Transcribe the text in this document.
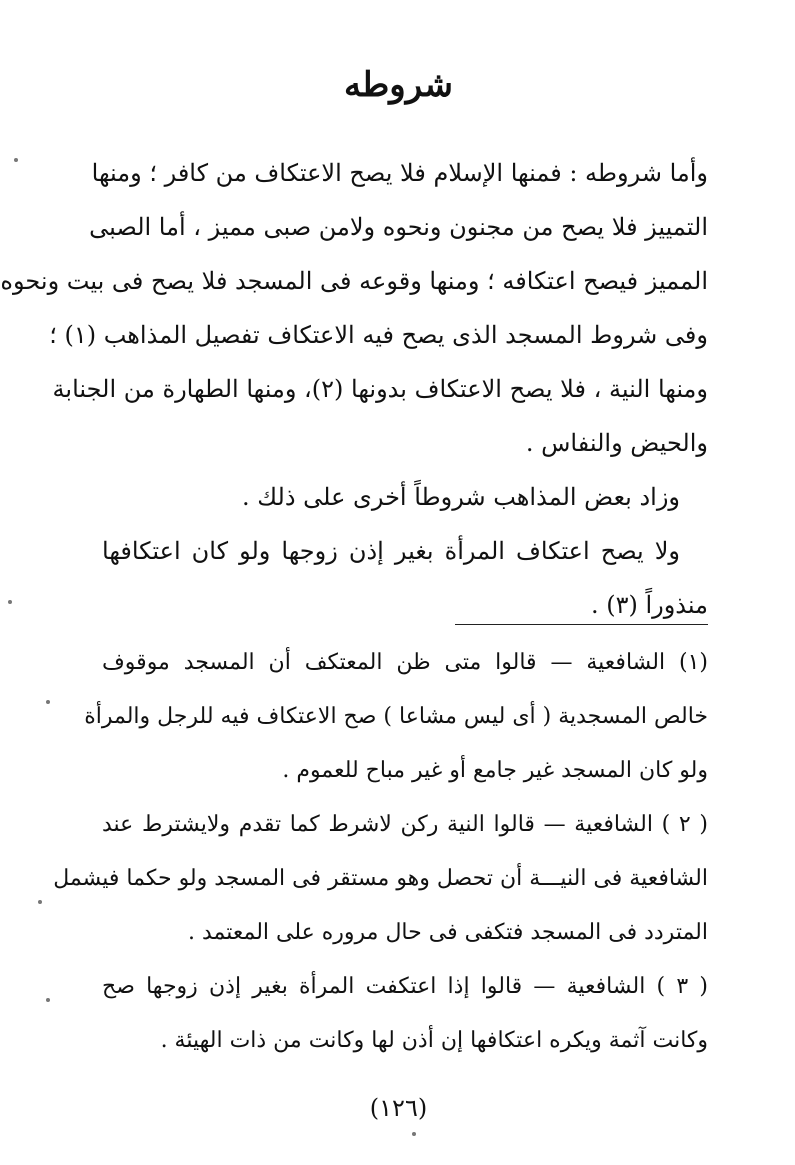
شروطه
وأما شروطه : فمنها الإسلام فلا يصح الاعتكاف من كافر ؛ ومنها
التمييز فلا يصح من مجنون ونحوه ولامن صبى مميز ، أما الصبى
المميز فيصح اعتكافه ؛ ومنها وقوعه فى المسجد فلا يصح فى بيت ونحوه
وفى شروط المسجد الذى يصح فيه الاعتكاف تفصيل المذاهب (١) ؛
ومنها النية ، فلا يصح الاعتكاف بدونها (٢)، ومنها الطهارة من الجنابة
والحيض والنفاس .
وزاد بعض المذاهب شروطاً أخرى على ذلك .
ولا يصح اعتكاف المرأة بغير إذن زوجها ولو كان اعتكافها
منذوراً (٣) .
(١) الشافعية — قالوا متى ظن المعتكف أن المسجد موقوف
خالص المسجدية ( أى ليس مشاعا ) صح الاعتكاف فيه للرجل والمرأة
ولو كان المسجد غير جامع أو غير مباح للعموم .
( ٢ ) الشافعية — قالوا النية ركن لاشرط كما تقدم ولايشترط عند
الشافعية فى النيـــة أن تحصل وهو مستقر فى المسجد ولو حكما فيشمل
المتردد فى المسجد فتكفى فى حال مروره على المعتمد .
( ٣ ) الشافعية — قالوا إذا اعتكفت المرأة بغير إذن زوجها صح
وكانت آثمة ويكره اعتكافها إن أذن لها وكانت من ذات الهيئة .
(١٢٦)
